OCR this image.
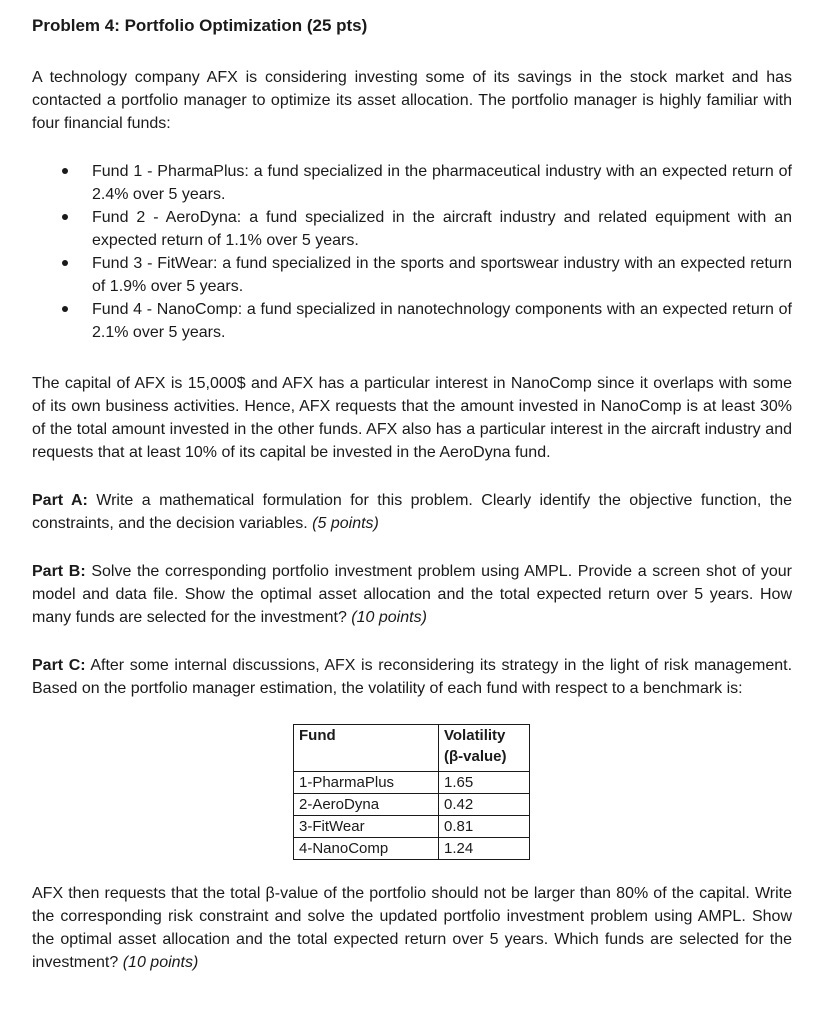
Problem 4: Portfolio Optimization (25 pts)

A technology company AFX is considering investing some of its savings in the stock market and has contacted a portfolio manager to optimize its asset allocation. The portfolio manager is highly familiar with four financial funds:

Fund 1 - PharmaPlus: a fund specialized in the pharmaceutical industry with an expected return of 2.4% over 5 years.
Fund 2 - AeroDyna: a fund specialized in the aircraft industry and related equipment with an expected return of 1.1% over 5 years.
Fund 3 - FitWear: a fund specialized in the sports and sportswear industry with an expected return of 1.9% over 5 years.
Fund 4 - NanoComp: a fund specialized in nanotechnology components with an expected return of 2.1% over 5 years.

The capital of AFX is 15,000$ and AFX has a particular interest in NanoComp since it overlaps with some of its own business activities. Hence, AFX requests that the amount invested in NanoComp is at least 30% of the total amount invested in the other funds. AFX also has a particular interest in the aircraft industry and requests that at least 10% of its capital be invested in the AeroDyna fund.

Part A: Write a mathematical formulation for this problem. Clearly identify the objective function, the constraints, and the decision variables. (5 points)

Part B: Solve the corresponding portfolio investment problem using AMPL. Provide a screen shot of your model and data file. Show the optimal asset allocation and the total expected return over 5 years. How many funds are selected for the investment? (10 points)

Part C: After some internal discussions, AFX is reconsidering its strategy in the light of risk management. Based on the portfolio manager estimation, the volatility of each fund with respect to a benchmark is:

Fund	Volatility
(β-value)
1-PharmaPlus	1.65
2-AeroDyna	0.42
3-FitWear	0.81
4-NanoComp	1.24

AFX then requests that the total β-value of the portfolio should not be larger than 80% of the capital. Write the corresponding risk constraint and solve the updated portfolio investment problem using AMPL. Show the optimal asset allocation and the total expected return over 5 years. Which funds are selected for the investment? (10 points)
